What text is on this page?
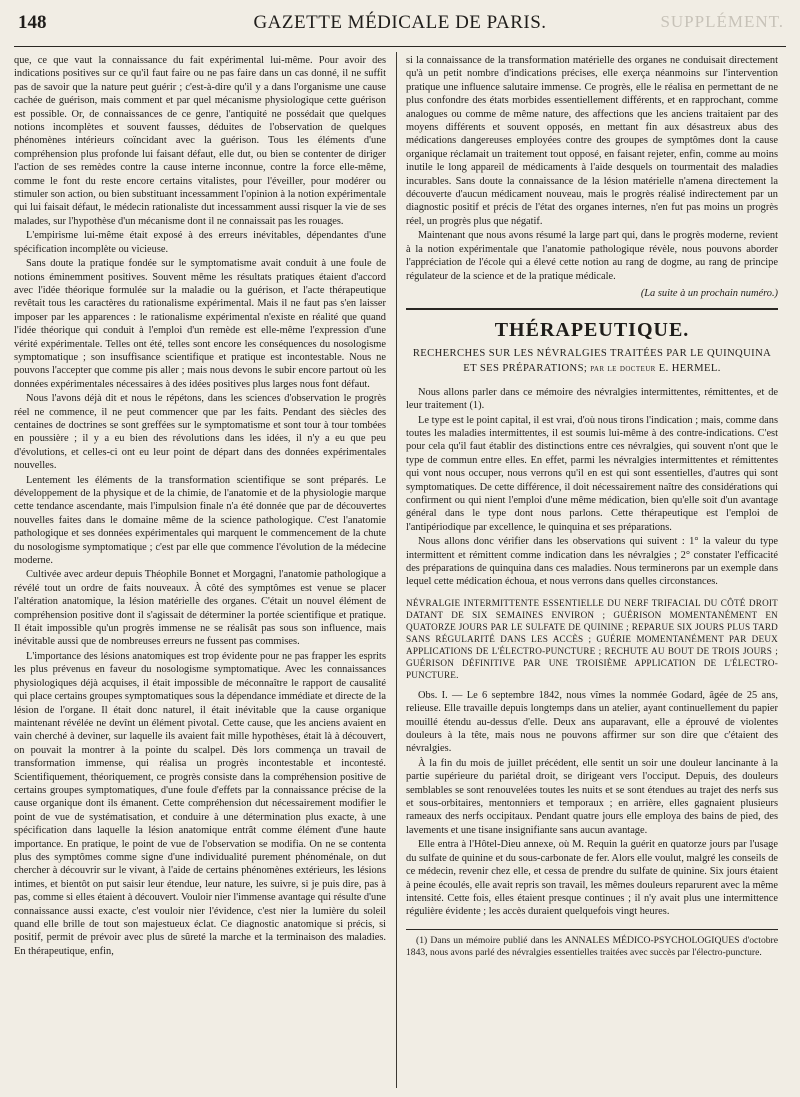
148	GAZETTE MÉDICALE DE PARIS.	SUPPLÉMENT.

que, ce que vaut la connaissance du fait expérimental lui-même. Pour avoir des indications positives sur ce qu'il faut faire ou ne pas faire dans un cas donné, il ne suffit pas de savoir que la nature peut guérir ; c'est-à-dire qu'il y a dans l'organisme une cause cachée de guérison, mais comment et par quel mécanisme physiologique cette guérison est possible. Or, de connaissances de ce genre, l'antiquité ne possédait que quelques notions incomplètes et souvent fausses, déduites de l'observation de quelques phénomènes intérieurs coïncidant avec la guérison. Tous les éléments d'une compréhension plus profonde lui faisant défaut, elle dut, ou bien se contenter de diriger l'action de ses remèdes contre la cause interne inconnue, contre la force elle-même, comme le font du reste encore certains vitalistes, pour l'éveiller, pour modérer ou stimuler son action, ou bien substituant incessamment l'opinion à la notion expérimentale qui lui faisait défaut, le médecin rationaliste dut incessamment aussi risquer la vie de ses malades, sur l'hypothèse d'un mécanisme dont il ne connaissait pas les rouages.

L'empirisme lui-même était exposé à des erreurs inévitables, dépendantes d'une spécification incomplète ou vicieuse.

Sans doute la pratique fondée sur le symptomatisme avait conduit à une foule de notions éminemment positives. Souvent même les résultats pratiques étaient d'accord avec l'idée théorique formulée sur la maladie ou la guérison, et l'acte thérapeutique revêtait tous les caractères du rationalisme expérimental. Mais il ne faut pas s'en laisser imposer par les apparences : le rationalisme expérimental n'existe en réalité que quand l'idée théorique qui conduit à l'emploi d'un remède est elle-même l'expression d'une vérité expérimentale. Telles ont été, telles sont encore les conséquences du nosologisme symptomatique ; son insuffisance scientifique et pratique est incontestable. Nous ne pouvons l'accepter que comme pis aller ; mais nous devons le subir encore partout où les données expérimentales nécessaires à des idées positives plus larges nous font défaut.

Nous l'avons déjà dit et nous le répétons, dans les sciences d'observation le progrès réel ne commence, il ne peut commencer que par les faits. Pendant des siècles des centaines de doctrines se sont greffées sur le symptomatisme et sont tour à tour tombées en poussière ; il y a eu bien des révolutions dans les idées, il n'y a eu que peu d'évolutions, et celles-ci ont eu leur point de départ dans des données expérimentales nouvelles.

Lentement les éléments de la transformation scientifique se sont préparés. Le développement de la physique et de la chimie, de l'anatomie et de la physiologie marque cette tendance ascendante, mais l'impulsion finale n'a été donnée que par de découvertes nouvelles faites dans le domaine même de la science pathologique. C'est l'anatomie pathologique et ses données expérimentales qui marquent le commencement de la chute du nosologisme symptomatique ; c'est par elle que commence l'évolution de la médecine moderne.

Cultivée avec ardeur depuis Théophile Bonnet et Morgagni, l'anatomie pathologique a révélé tout un ordre de faits nouveaux. À côté des symptômes est venue se placer l'altération anatomique, la lésion matérielle des organes. C'était un nouvel élément de compréhension positive dont il s'agissait de déterminer la portée scientifique et pratique. Il était impossible qu'un progrès immense ne se réalisât pas sous son influence, mais inévitable aussi que de nombreuses erreurs ne fussent pas commises.

L'importance des lésions anatomiques est trop évidente pour ne pas frapper les esprits les plus prévenus en faveur du nosologisme symptomatique. Avec les connaissances physiologiques déjà acquises, il était impossible de méconnaître le rapport de causalité qui place certains groupes symptomatiques sous la dépendance immédiate et directe de la lésion de l'organe. Il était donc naturel, il était inévitable que la cause organique maintenant révélée ne devînt un élément pivotal. Cette cause, que les anciens avaient en vain cherché à deviner, sur laquelle ils avaient fait mille hypothèses, était là à découvert, on pouvait la montrer à la pointe du scalpel. Dès lors commença un travail de transformation immense, qui réalisa un progrès incontestable et incontesté. Scientifiquement, théoriquement, ce progrès consiste dans la compréhension positive de certains groupes symptomatiques, d'une foule d'effets par la connaissance précise de la cause organique dont ils émanent. Cette compréhension dut nécessairement modifier le point de vue de systématisation, et conduire à une détermination plus exacte, à une spécification dans laquelle la lésion anatomique entrât comme élément d'une haute importance. En pratique, le point de vue de l'observation se modifia. On ne se contenta plus des symptômes comme signe d'une individualité purement phénoménale, on dut chercher à découvrir sur le vivant, à l'aide de certains phénomènes extérieurs, les lésions intimes, et bientôt on put saisir leur étendue, leur nature, les suivre, si je puis dire, pas à pas, comme si elles étaient à découvert. Vouloir nier l'immense avantage qui résulte d'une connaissance aussi exacte, c'est vouloir nier l'évidence, c'est nier la lumière du soleil quand elle brille de tout son majestueux éclat. Ce diagnostic anatomique si précis, si positif, permit de prévoir avec plus de sûreté la marche et la terminaison des maladies. En thérapeutique, enfin,

si la connaissance de la transformation matérielle des organes ne conduisait directement qu'à un petit nombre d'indications précises, elle exerça néanmoins sur l'intervention pratique une influence salutaire immense. Ce progrès, elle le réalisa en permettant de ne plus confondre des états morbides essentiellement différents, et en rapprochant, comme analogues ou comme de même nature, des affections que les anciens traitaient par des moyens différents et souvent opposés, en mettant fin aux désastreux abus des médications dangereuses employées contre des groupes de symptômes dont la cause organique réclamait un traitement tout opposé, en faisant rejeter, enfin, comme au moins inutile le long appareil de médicaments à l'aide desquels on tourmentait des maladies incurables. Sans doute la connaissance de la lésion matérielle n'amena directement la découverte d'aucun médicament nouveau, mais le progrès réalisé indirectement par un diagnostic positif et précis de l'état des organes internes, n'en fut pas moins un progrès réel, un progrès plus que négatif.

Maintenant que nous avons résumé la large part qui, dans le progrès moderne, revient à la notion expérimentale que l'anatomie pathologique révèle, nous pouvons aborder l'appréciation de l'école qui a élevé cette notion au rang de dogme, au rang de principe régulateur de la science et de la pratique médicale.

(La suite à un prochain numéro.)

THÉRAPEUTIQUE.
RECHERCHES SUR LES NÉVRALGIES TRAITÉES PAR LE QUINQUINA
ET SES PRÉPARATIONS; par le docteur E. HERMEL.

Nous allons parler dans ce mémoire des névralgies intermittentes, rémittentes, et de leur traitement (1).

Le type est le point capital, il est vrai, d'où nous tirons l'indication ; mais, comme dans toutes les maladies intermittentes, il est soumis lui-même à des contre-indications. C'est pour cela qu'il faut établir des distinctions entre ces névralgies, qui souvent n'ont que le type de commun entre elles. En effet, parmi les névralgies intermittentes et rémittentes qui vont nous occuper, nous verrons qu'il en est qui sont essentielles, d'autres qui sont symptomatiques. De cette différence, il doit nécessairement naître des considérations qui confirment ou qui nient l'emploi d'une même médication, bien qu'elle soit d'un avantage général dans le type dont nous parlons. Cette thérapeutique est l'emploi de l'antipériodique par excellence, le quinquina et ses préparations.

Nous allons donc vérifier dans les observations qui suivent : 1° la valeur du type intermittent et rémittent comme indication dans les névralgies ; 2° constater l'efficacité des préparations de quinquina dans ces maladies. Nous terminerons par un exemple dans lequel cette médication échoua, et nous verrons dans quelles circonstances.

NÉVRALGIE INTERMITTENTE ESSENTIELLE DU NERF TRIFACIAL DU CÔTÉ DROIT DATANT DE SIX SEMAINES ENVIRON ; GUÉRISON MOMENTANÉMENT EN QUATORZE JOURS PAR LE SULFATE DE QUININE ; REPARUE SIX JOURS PLUS TARD SANS RÉGULARITÉ DANS LES ACCÈS ; GUÉRIE MOMENTANÉMENT PAR DEUX APPLICATIONS DE L'ÉLECTRO-PUNCTURE ; RECHUTE AU BOUT DE TROIS JOURS ; GUÉRISON DÉFINITIVE PAR UNE TROISIÈME APPLICATION DE L'ÉLECTRO-PUNCTURE.

Obs. I. — Le 6 septembre 1842, nous vîmes la nommée Godard, âgée de 25 ans, relieuse. Elle travaille depuis longtemps dans un atelier, ayant continuellement du papier mouillé étendu au-dessus d'elle. Deux ans auparavant, elle a éprouvé de violentes douleurs à la tête, mais nous ne pouvons affirmer sur son dire que c'étaient des névralgies.

À la fin du mois de juillet précédent, elle sentit un soir une douleur lancinante à la partie supérieure du pariétal droit, se dirigeant vers l'occiput. Depuis, des douleurs semblables se sont renouvelées toutes les nuits et se sont étendues au trajet des nerfs sus et sous-orbitaires, mentonniers et temporaux ; en arrière, elles gagnaient plusieurs rameaux des nerfs occipitaux. Pendant quatre jours elle employa des bains de pied, des lavements et une tisane insignifiante sans aucun avantage.

Elle entra à l'Hôtel-Dieu annexe, où M. Requin la guérit en quatorze jours par l'usage du sulfate de quinine et du sous-carbonate de fer. Alors elle voulut, malgré les conseils de ce médecin, revenir chez elle, et cessa de prendre du sulfate de quinine. Six jours étaient à peine écoulés, elle avait repris son travail, les mêmes douleurs reparurent avec la même intensité. Cette fois, elles étaient presque continues ; il n'y avait plus une intermittence régulière évidente ; les accès duraient quelquefois vingt heures.

(1) Dans un mémoire publié dans les ANNALES MÉDICO-PSYCHOLOGIQUES d'octobre 1843, nous avons parlé des névralgies essentielles traitées avec succès par l'électro-puncture.
